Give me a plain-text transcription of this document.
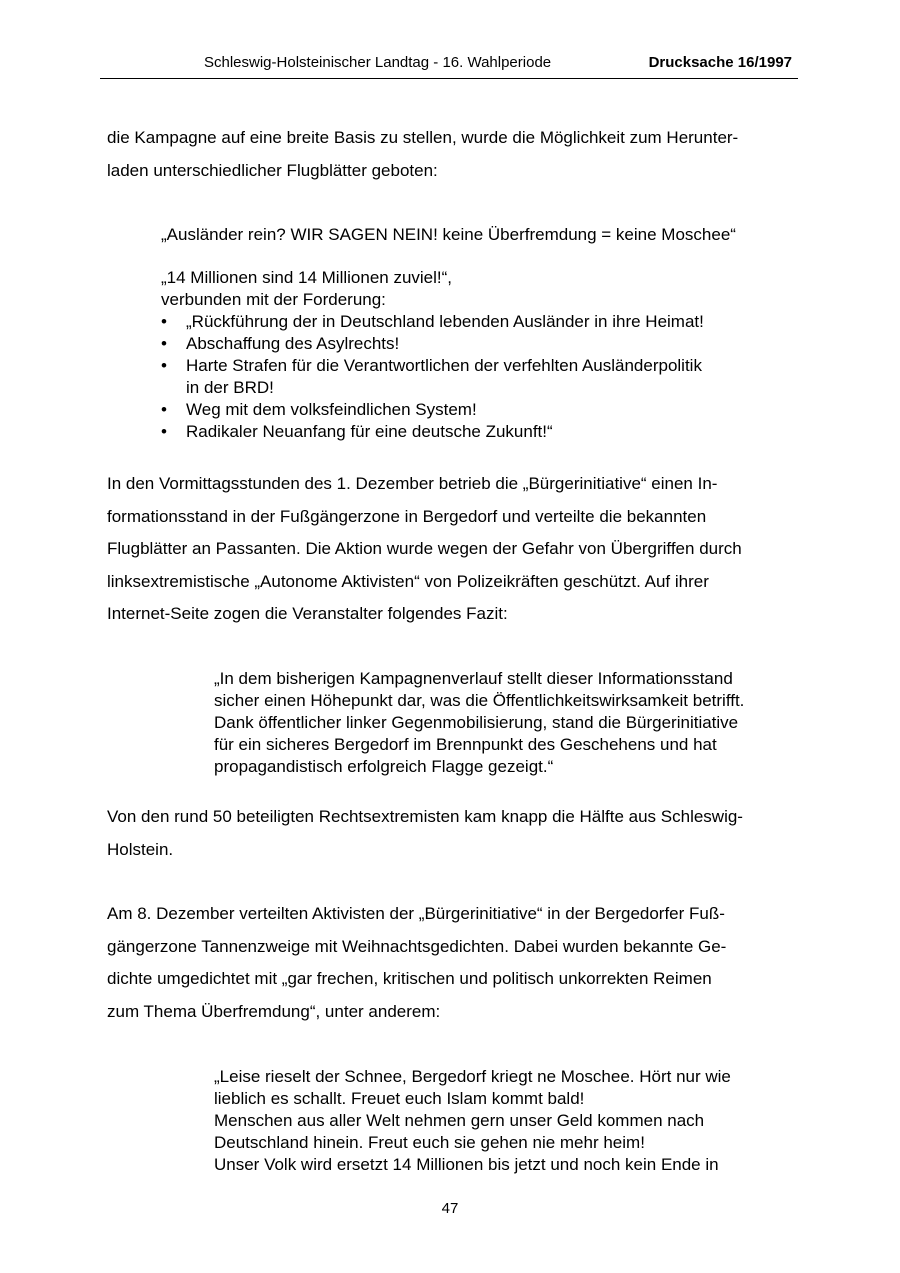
Schleswig-Holsteinischer Landtag - 16. Wahlperiode	Drucksache 16/1997

die Kampagne auf eine breite Basis zu stellen, wurde die Möglichkeit zum Herunter-
laden unterschiedlicher Flugblätter geboten:

„Ausländer rein? WIR SAGEN NEIN! keine Überfremdung = keine Moschee“

„14 Millionen sind 14 Millionen zuviel!“,
verbunden mit der Forderung:
• „Rückführung der in Deutschland lebenden Ausländer in ihre Heimat!
• Abschaffung des Asylrechts!
• Harte Strafen für die Verantwortlichen der verfehlten Ausländerpolitik
in der BRD!
• Weg mit dem volksfeindlichen System!
• Radikaler Neuanfang für eine deutsche Zukunft!“

In den Vormittagsstunden des 1. Dezember betrieb die „Bürgerinitiative“ einen In-
formationsstand in der Fußgängerzone in Bergedorf und verteilte die bekannten
Flugblätter an Passanten. Die Aktion wurde wegen der Gefahr von Übergriffen durch
linksextremistische „Autonome Aktivisten“ von Polizeikräften geschützt. Auf ihrer
Internet-Seite zogen die Veranstalter folgendes Fazit:

„In dem bisherigen Kampagnenverlauf stellt dieser Informationsstand
sicher einen Höhepunkt dar, was die Öffentlichkeitswirksamkeit betrifft.
Dank öffentlicher linker Gegenmobilisierung, stand die Bürgerinitiative
für ein sicheres Bergedorf im Brennpunkt des Geschehens und hat
propagandistisch erfolgreich Flagge gezeigt.“

Von den rund 50 beteiligten Rechtsextremisten kam knapp die Hälfte aus Schleswig-
Holstein.

Am 8. Dezember verteilten Aktivisten der „Bürgerinitiative“ in der Bergedorfer Fuß-
gängerzone Tannenzweige mit Weihnachtsgedichten. Dabei wurden bekannte Ge-
dichte umgedichtet mit „gar frechen, kritischen und politisch unkorrekten Reimen
zum Thema Überfremdung“, unter anderem:

„Leise rieselt der Schnee, Bergedorf kriegt ne Moschee. Hört nur wie
lieblich es schallt. Freuet euch Islam kommt bald!
Menschen aus aller Welt nehmen gern unser Geld kommen nach
Deutschland hinein. Freut euch sie gehen nie mehr heim!
Unser Volk wird ersetzt 14 Millionen bis jetzt und noch kein Ende in
47
